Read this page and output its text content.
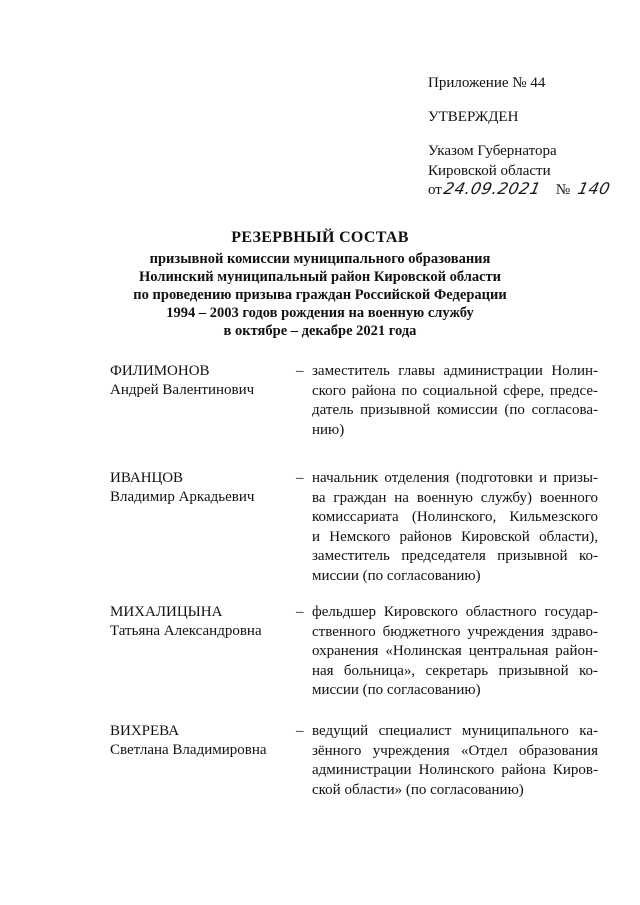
Приложение № 44
УТВЕРЖДЕН
Указом Губернатора
Кировской области
от24.09.2021 № 140
РЕЗЕРВНЫЙ СОСТАВ
призывной комиссии муниципального образования
Нолинский муниципальный район Кировской области
по проведению призыва граждан Российской Федерации
1994 – 2003 годов рождения на военную службу
в октябре – декабре 2021 года
ФИЛИМОНОВ
Андрей Валентинович
– заместитель главы администрации Нолин-
ского района по социальной сфере, предсе-
датель призывной комиссии (по согласова-
нию)
ИВАНЦОВ
Владимир Аркадьевич
– начальник отделения (подготовки и призы-
ва граждан на военную службу) военного
комиссариата (Нолинского, Кильмезского
и Немского районов Кировской области),
заместитель председателя призывной ко-
миссии (по согласованию)
МИХАЛИЦЫНА
Татьяна Александровна
– фельдшер Кировского областного государ-
ственного бюджетного учреждения здраво-
охранения «Нолинская центральная район-
ная больница», секретарь призывной ко-
миссии (по согласованию)
ВИХРЕВА
Светлана Владимировна
– ведущий специалист муниципального ка-
зённого учреждения «Отдел образования
администрации Нолинского района Киров-
ской области» (по согласованию)
